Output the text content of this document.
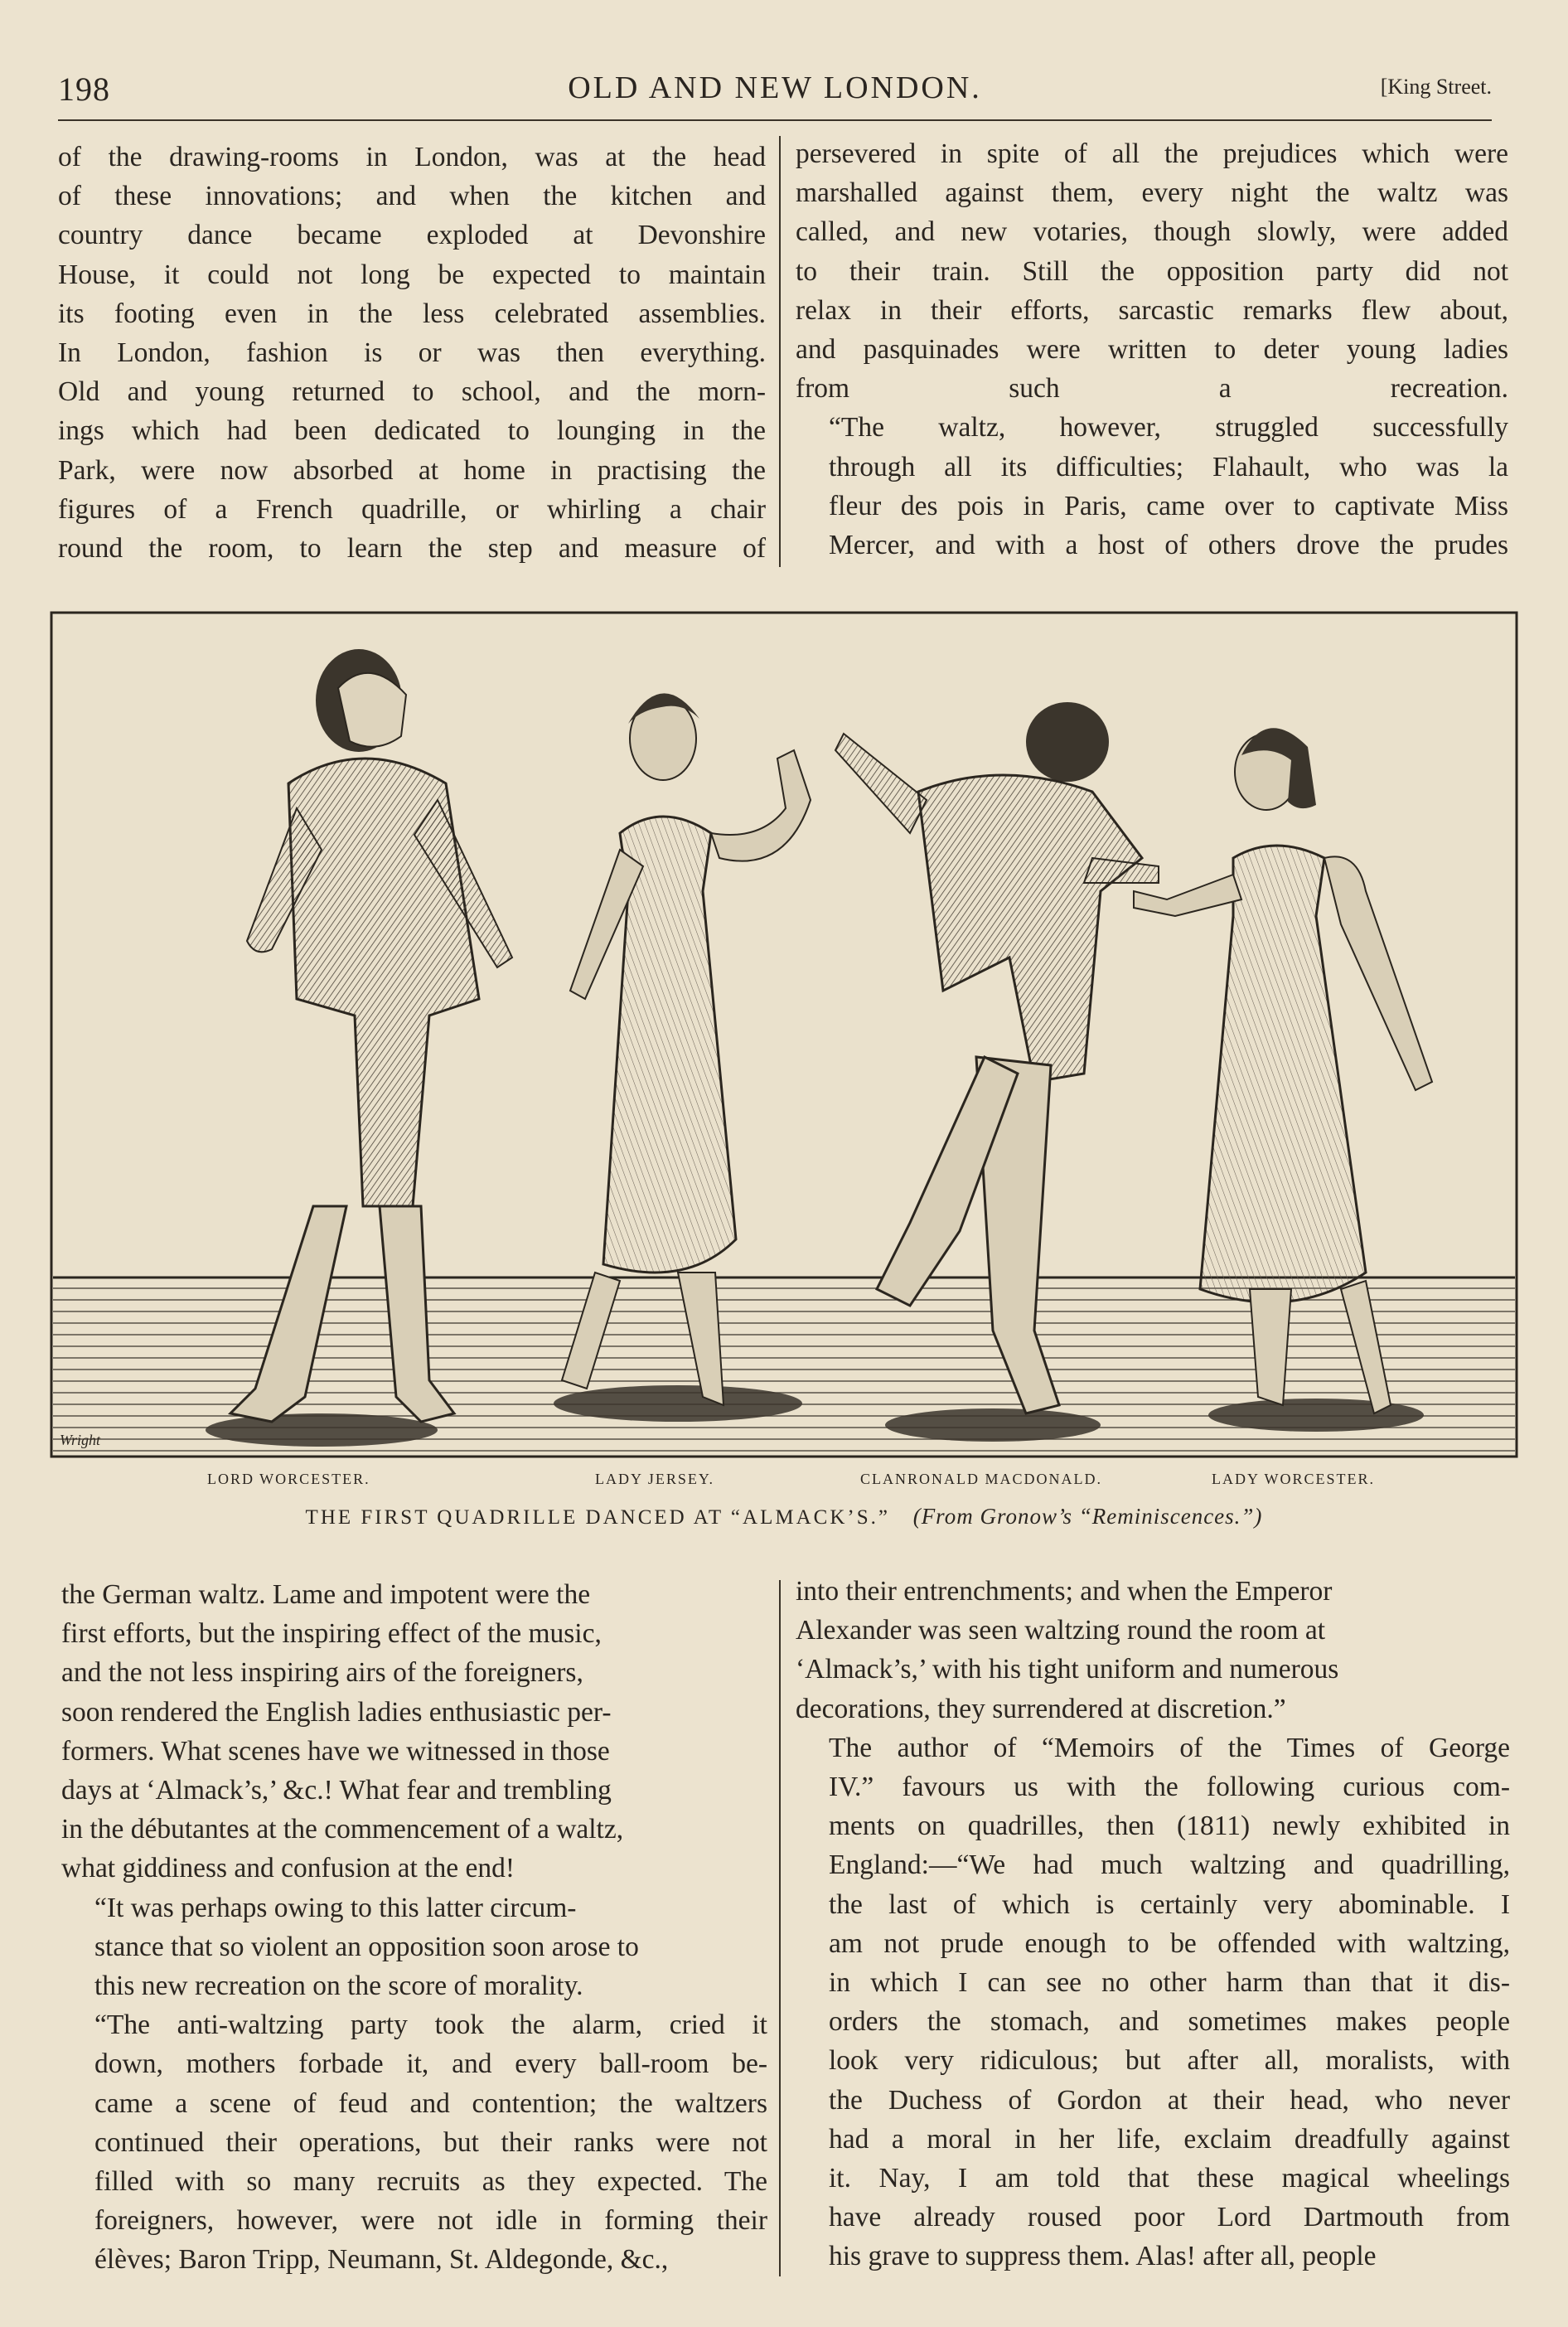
198	OLD AND NEW LONDON.	[King Street.

of the drawing-rooms in London, was at the head
of these innovations; and when the kitchen and
country dance became exploded at Devonshire
House, it could not long be expected to maintain
its footing even in the less celebrated assemblies.
In London, fashion is or was then everything.
Old and young returned to school, and the morn-
ings which had been dedicated to lounging in the
Park, were now absorbed at home in practising the
figures of a French quadrille, or whirling a chair
round the room, to learn the step and measure of

persevered in spite of all the prejudices which were
marshalled against them, every night the waltz was
called, and new votaries, though slowly, were added
to their train. Still the opposition party did not
relax in their efforts, sarcastic remarks flew about,
and pasquinades were written to deter young ladies
from such a recreation.

“The waltz, however, struggled successfully
through all its difficulties; Flahault, who was la
fleur des pois in Paris, came over to captivate Miss
Mercer, and with a host of others drove the prudes

Wright
LORD WORCESTER.	LADY JERSEY.	CLANRONALD MACDONALD.	LADY WORCESTER.
THE FIRST QUADRILLE DANCED AT “ALMACK’S.” (From Gronow’s “Reminiscences.”)

the German waltz. Lame and impotent were the
first efforts, but the inspiring effect of the music,
and the not less inspiring airs of the foreigners,
soon rendered the English ladies enthusiastic per-
formers. What scenes have we witnessed in those
days at ‘Almack’s,’ &c.! What fear and trembling
in the débutantes at the commencement of a waltz,
what giddiness and confusion at the end!

“It was perhaps owing to this latter circum-
stance that so violent an opposition soon arose to
this new recreation on the score of morality.

“The anti-waltzing party took the alarm, cried it
down, mothers forbade it, and every ball-room be-
came a scene of feud and contention; the waltzers
continued their operations, but their ranks were not
filled with so many recruits as they expected. The
foreigners, however, were not idle in forming their
élèves; Baron Tripp, Neumann, St. Aldegonde, &c.,

into their entrenchments; and when the Emperor
Alexander was seen waltzing round the room at
‘Almack’s,’ with his tight uniform and numerous
decorations, they surrendered at discretion.”

The author of “Memoirs of the Times of George
IV.” favours us with the following curious com-
ments on quadrilles, then (1811) newly exhibited in
England:—“We had much waltzing and quadrilling,
the last of which is certainly very abominable. I
am not prude enough to be offended with waltzing,
in which I can see no other harm than that it dis-
orders the stomach, and sometimes makes people
look very ridiculous; but after all, moralists, with
the Duchess of Gordon at their head, who never
had a moral in her life, exclaim dreadfully against
it. Nay, I am told that these magical wheelings
have already roused poor Lord Dartmouth from
his grave to suppress them. Alas! after all, people
